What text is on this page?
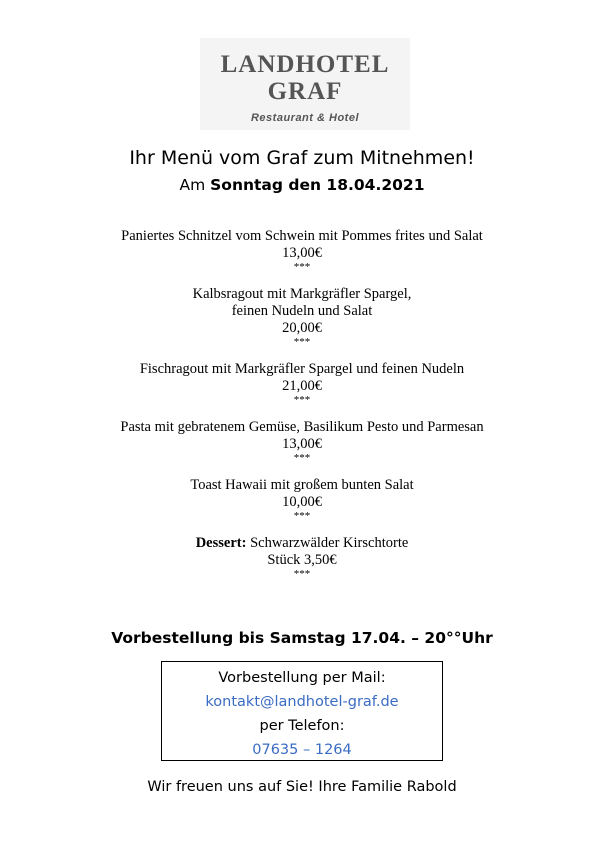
LANDHOTEL
GRAF
Restaurant & Hotel
Ihr Menü vom Graf zum Mitnehmen!
Am Sonntag den 18.04.2021
Paniertes Schnitzel vom Schwein mit Pommes frites und Salat
13,00€
***
Kalbsragout mit Markgräfler Spargel,
feinen Nudeln und Salat
20,00€
***
Fischragout mit Markgräfler Spargel und feinen Nudeln
21,00€
***
Pasta mit gebratenem Gemüse, Basilikum Pesto und Parmesan
13,00€
***
Toast Hawaii mit großem bunten Salat
10,00€
***
Dessert: Schwarzwälder Kirschtorte
Stück 3,50€
***
Vorbestellung bis Samstag 17.04. – 20°°Uhr
Vorbestellung per Mail:
kontakt@landhotel-graf.de
per Telefon:
07635 – 1264
Wir freuen uns auf Sie! Ihre Familie Rabold
